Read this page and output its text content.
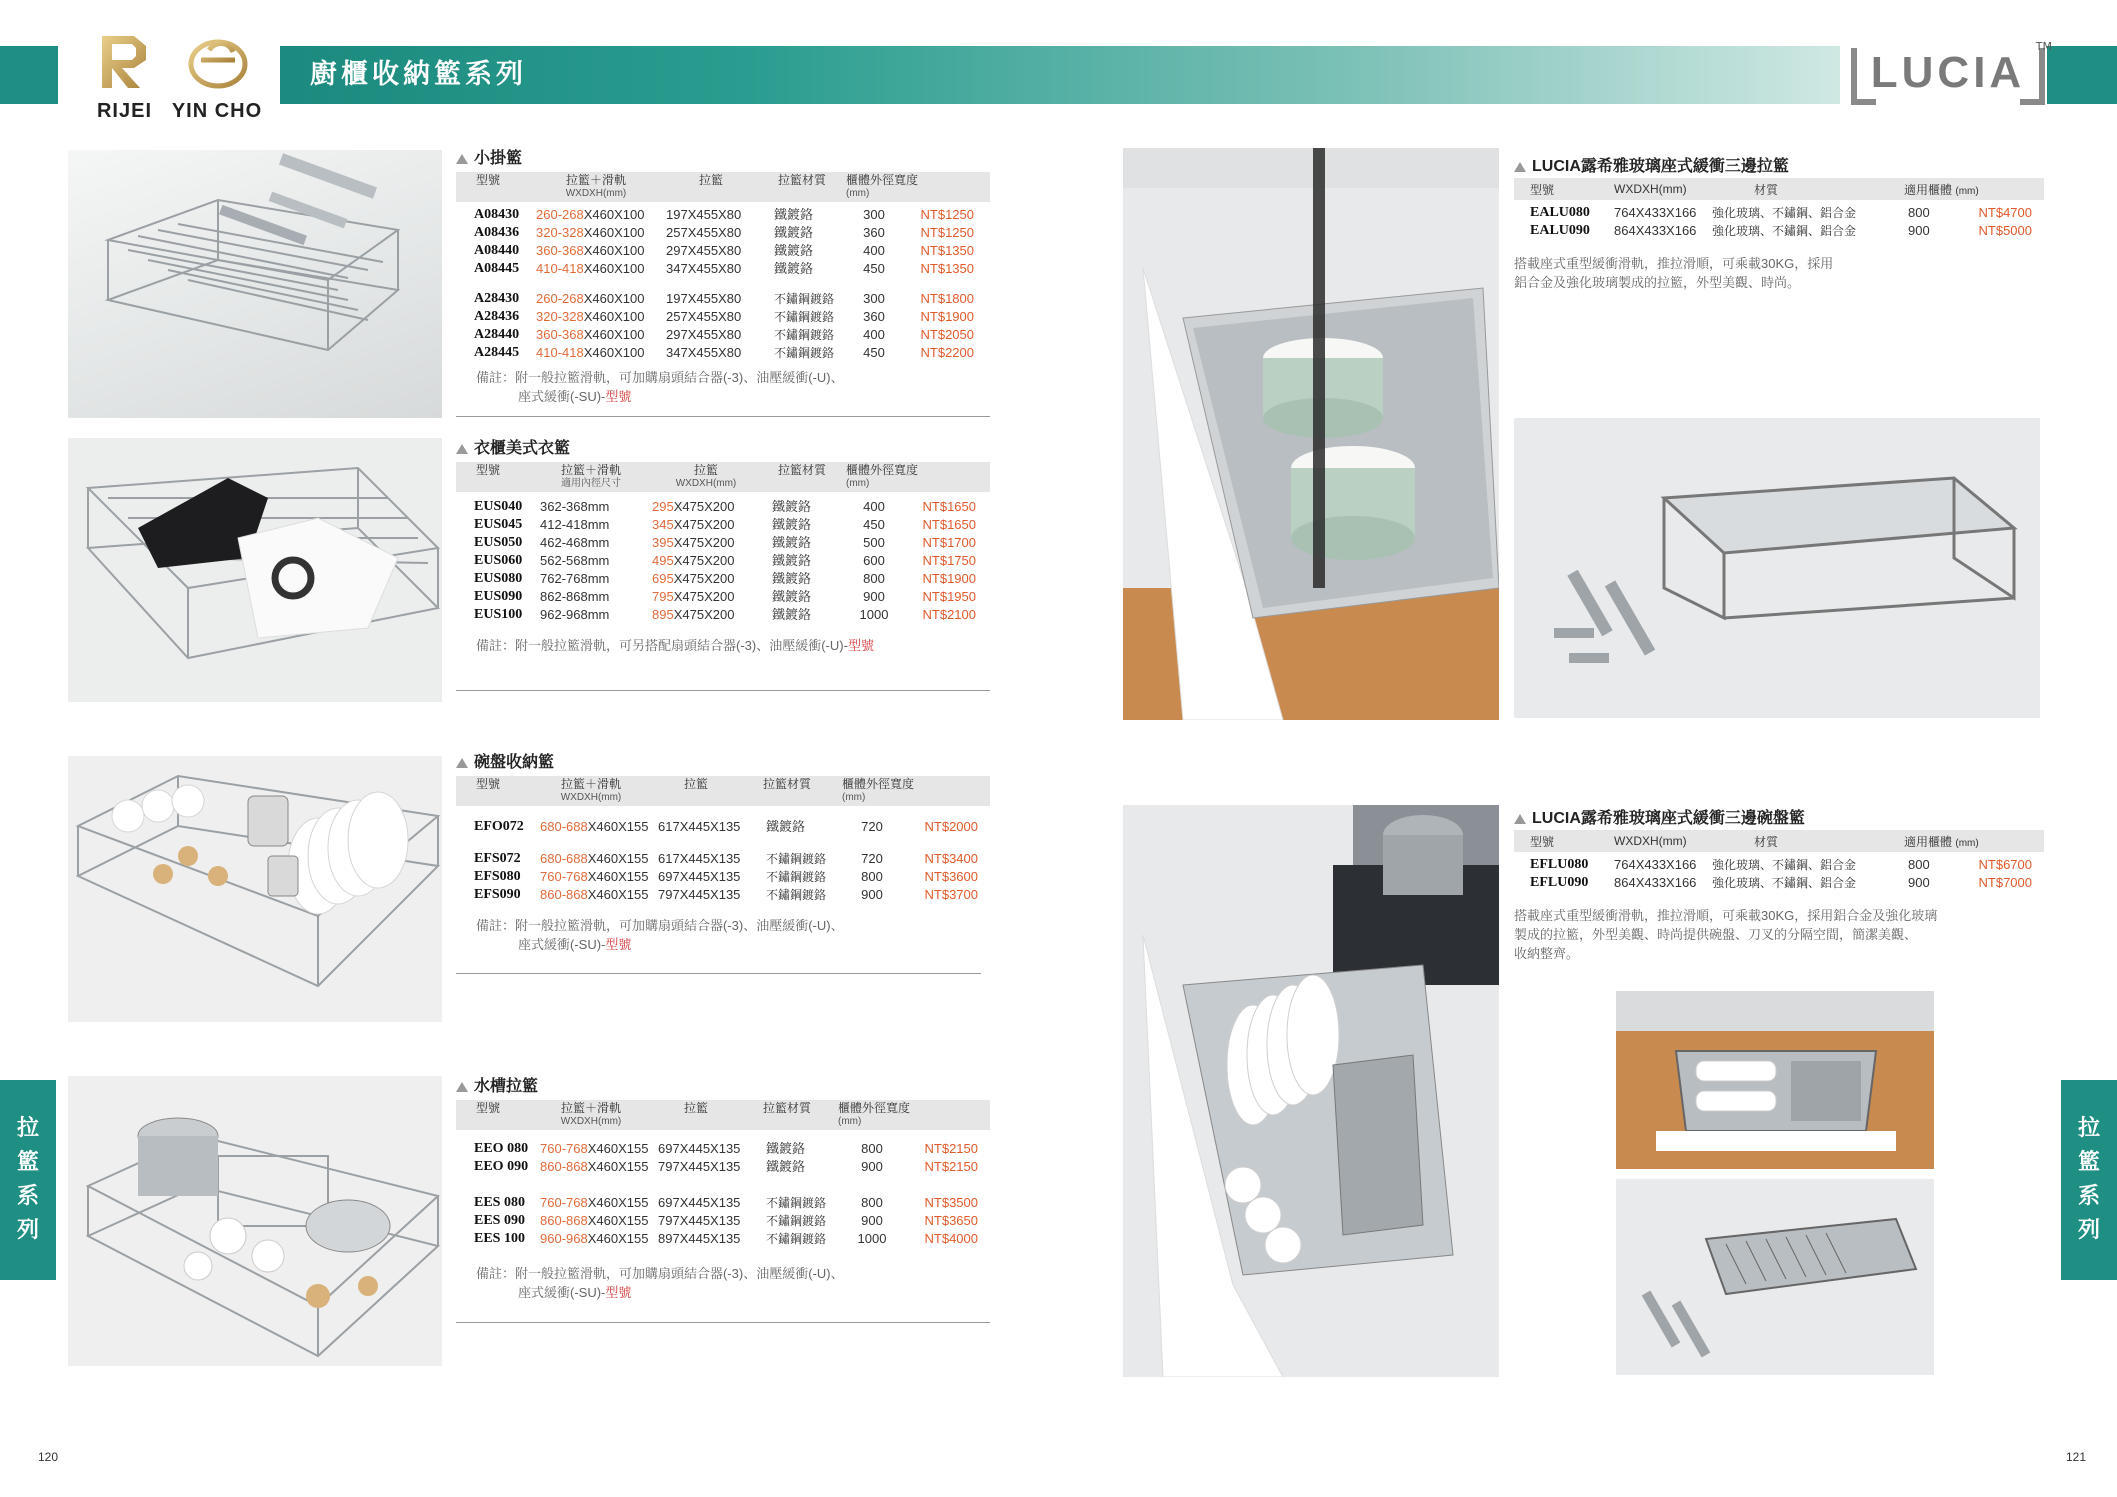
廚櫃收納籃系列
RIJEI YIN CHO
LUCIA
TM
拉
籃
系
列
拉
籃
系
列
小掛籃
型號	拉籃＋滑軌
WXDXH(mm)
拉籃	拉籃材質	櫃體外徑寬度
(mm)
A08430	260-268X460X100	197X455X80	鐵鍍鉻	300	NT$1250
A08436	320-328X460X100	257X455X80	鐵鍍鉻	360	NT$1250
A08440	360-368X460X100	297X455X80	鐵鍍鉻	400	NT$1350
A08445	410-418X460X100	347X455X80	鐵鍍鉻	450	NT$1350
A28430	260-268X460X100	197X455X80	不鏽鋼鍍鉻	300	NT$1800
A28436	320-328X460X100	257X455X80	不鏽鋼鍍鉻	360	NT$1900
A28440	360-368X460X100	297X455X80	不鏽鋼鍍鉻	400	NT$2050
A28445	410-418X460X100	347X455X80	不鏽鋼鍍鉻	450	NT$2200
備註：附一般拉籃滑軌，可加購扇頭結合器(-3)、油壓緩衝(-U)、
座式緩衝(-SU)-型號
衣櫃美式衣籃
型號	拉籃＋滑軌
適用內徑尺寸
拉籃
WXDXH(mm)
拉籃材質	櫃體外徑寬度
(mm)
EUS040	362-368mm	295X475X200	鐵鍍鉻	400	NT$1650
EUS045	412-418mm	345X475X200	鐵鍍鉻	450	NT$1650
EUS050	462-468mm	395X475X200	鐵鍍鉻	500	NT$1700
EUS060	562-568mm	495X475X200	鐵鍍鉻	600	NT$1750
EUS080	762-768mm	695X475X200	鐵鍍鉻	800	NT$1900
EUS090	862-868mm	795X475X200	鐵鍍鉻	900	NT$1950
EUS100	962-968mm	895X475X200	鐵鍍鉻	1000	NT$2100
備註：附一般拉籃滑軌，可另搭配扇頭結合器(-3)、油壓緩衝(-U)-型號
碗盤收納籃
型號	拉籃＋滑軌
WXDXH(mm)
拉籃	拉籃材質	櫃體外徑寬度
(mm)
EFO072	680-688X460X155 617X445X135	鐵鍍鉻	720	NT$2000
EFS072	680-688X460X155 617X445X135	不鏽鋼鍍鉻	720	NT$3400
EFS080	760-768X460X155 697X445X135	不鏽鋼鍍鉻	800	NT$3600
EFS090	860-868X460X155 797X445X135	不鏽鋼鍍鉻	900	NT$3700
備註：附一般拉籃滑軌，可加購扇頭結合器(-3)、油壓緩衝(-U)、
座式緩衝(-SU)-型號
水槽拉籃
型號	拉籃＋滑軌
WXDXH(mm)
拉籃	拉籃材質	櫃體外徑寬度
(mm)
EEO 080 760-768X460X155 697X445X135	鐵鍍鉻	800	NT$2150
EEO 090 860-868X460X155 797X445X135	鐵鍍鉻	900	NT$2150
EES 080	760-768X460X155 697X445X135	不鏽鋼鍍鉻	800	NT$3500
EES 090	860-868X460X155 797X445X135	不鏽鋼鍍鉻	900	NT$3650
EES 100	960-968X460X155 897X445X135	不鏽鋼鍍鉻	1000	NT$4000
備註：附一般拉籃滑軌，可加購扇頭結合器(-3)、油壓緩衝(-U)、
座式緩衝(-SU)-型號
LUCIA露希雅玻璃座式緩衝三邊拉籃
型號	WXDXH(mm)	材質	適用櫃體 (mm)
EALU080	764X433X166	強化玻璃、不鏽鋼、鋁合金	800	NT$4700
EALU090	864X433X166	強化玻璃、不鏽鋼、鋁合金	900	NT$5000
搭載座式重型緩衝滑軌，推拉滑順，可乘載30KG，採用
鋁合金及強化玻璃製成的拉籃，外型美觀、時尚。
LUCIA露希雅玻璃座式緩衝三邊碗盤籃
型號	WXDXH(mm)	材質	適用櫃體 (mm)
EFLU080	764X433X166	強化玻璃、不鏽鋼、鋁合金	800	NT$6700
EFLU090	864X433X166	強化玻璃、不鏽鋼、鋁合金	900	NT$7000
搭載座式重型緩衝滑軌，推拉滑順，可乘載30KG，採用鋁合金及強化玻璃
製成的拉籃，外型美觀、時尚提供碗盤、刀叉的分隔空間，簡潔美觀、
收納整齊。
120	121
